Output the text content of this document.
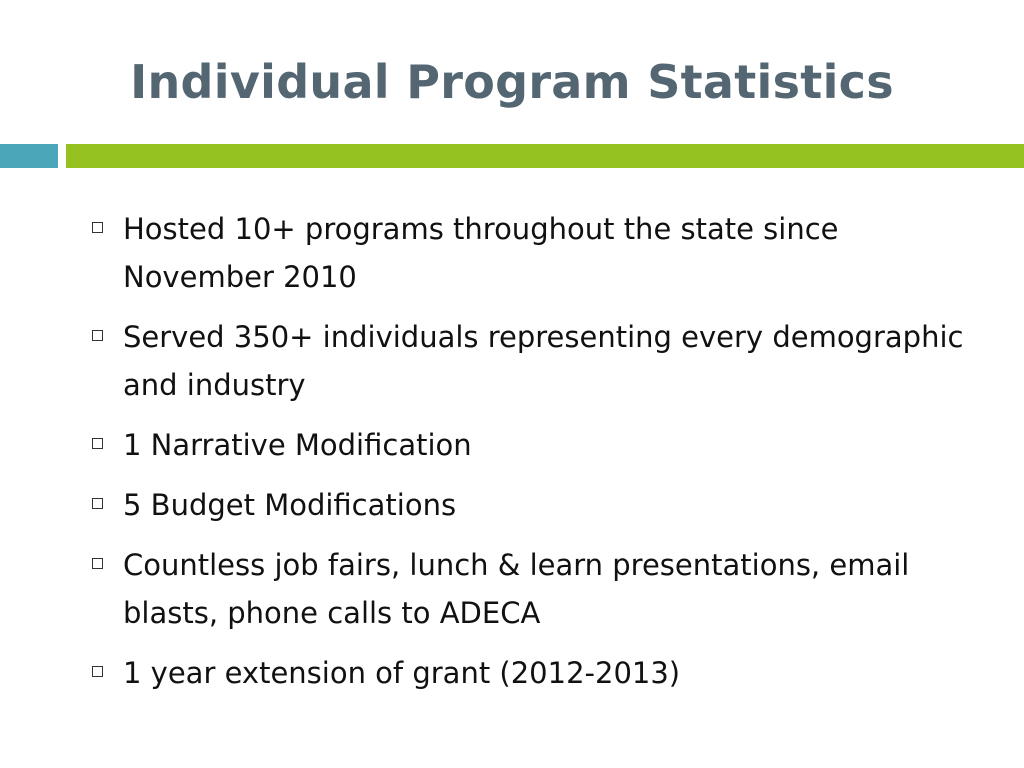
Individual Program Statistics
Hosted 10+ programs throughout the state since November 2010
Served 350+ individuals representing every demographic and industry
1 Narrative Modification
5 Budget Modifications
Countless job fairs, lunch & learn presentations, email blasts, phone calls to ADECA
1 year extension of grant (2012-2013)
